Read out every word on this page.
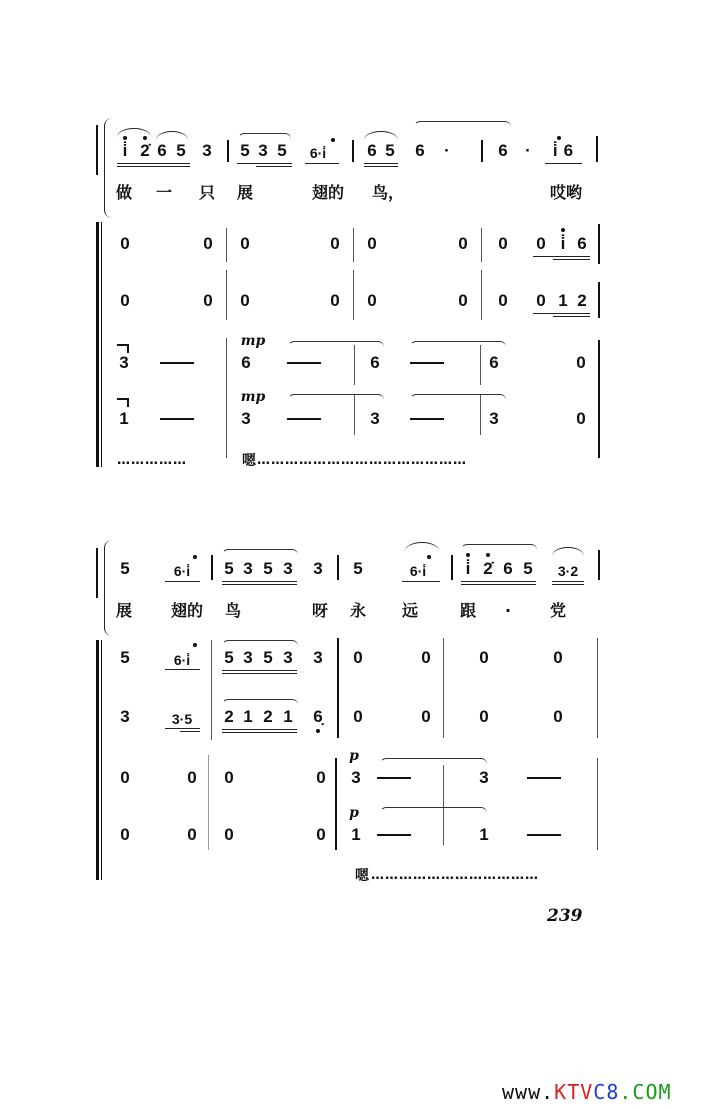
i̇ 2̇ 6 5 3 5 3 5 6·i̇ 6 5 6 ·	6 · i̇6
做 一 只 展	翅的 鸟，	哎哟
0	0 0	0 0	0 0 0 i̇ 6
0	0 0	0 0	0 0 0 1 2
3
mp
6	6	6	0
1
mp
3	3	3	0
……………	嗯 ………………………………………
5	6·i̇ 5 3 5 3 3 5	6·i̇ i̇ 2̇ 6 5 3·2
展 翅的 鸟	呀 永 远	跟 · 党
5	6·i̇ 5 3 5 3 3 0	0	0	0
3	3·5 2 1 2 1 6̣ 0	0	0	0
0	0 0	0
p
3	3
0	0 0	0
p
1	1
嗯 ………………………………
239
www.KTVC8.COM
